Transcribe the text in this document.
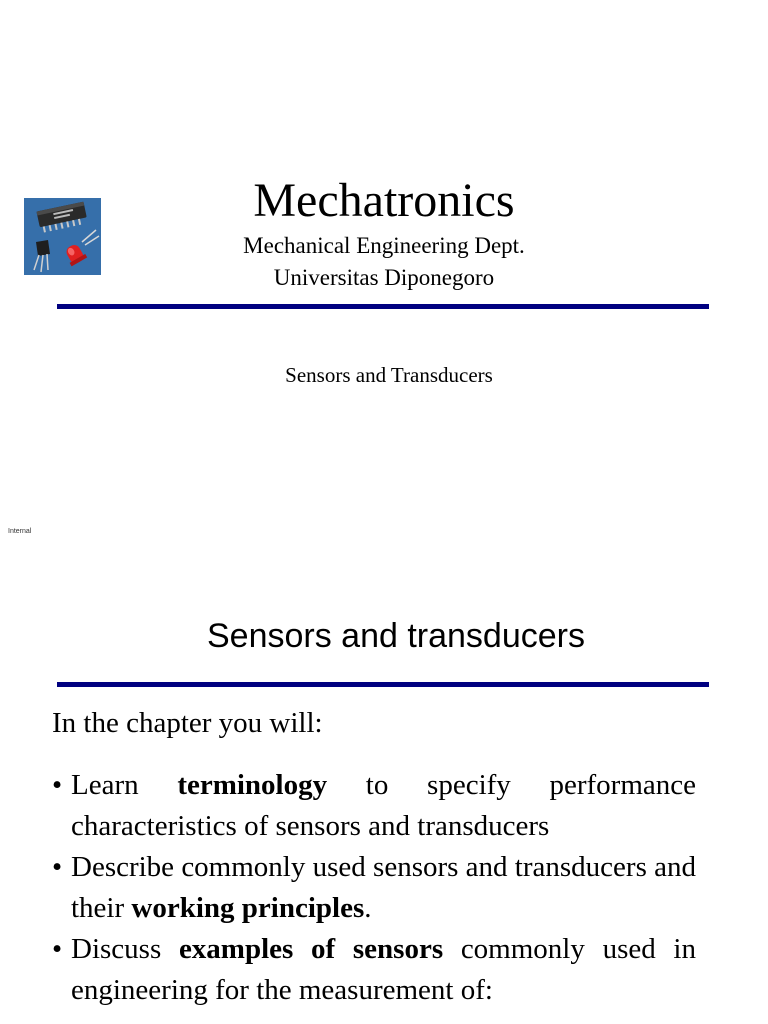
Mechatronics
Mechanical Engineering Dept.
Universitas Diponegoro
Sensors and Transducers
Internal
Sensors and transducers
In the chapter you will:
• Learn terminology to specify performance characteristics of sensors and transducers
• Describe commonly used sensors and transducers and their working principles.
• Discuss examples of sensors commonly used in engineering for the measurement of:
